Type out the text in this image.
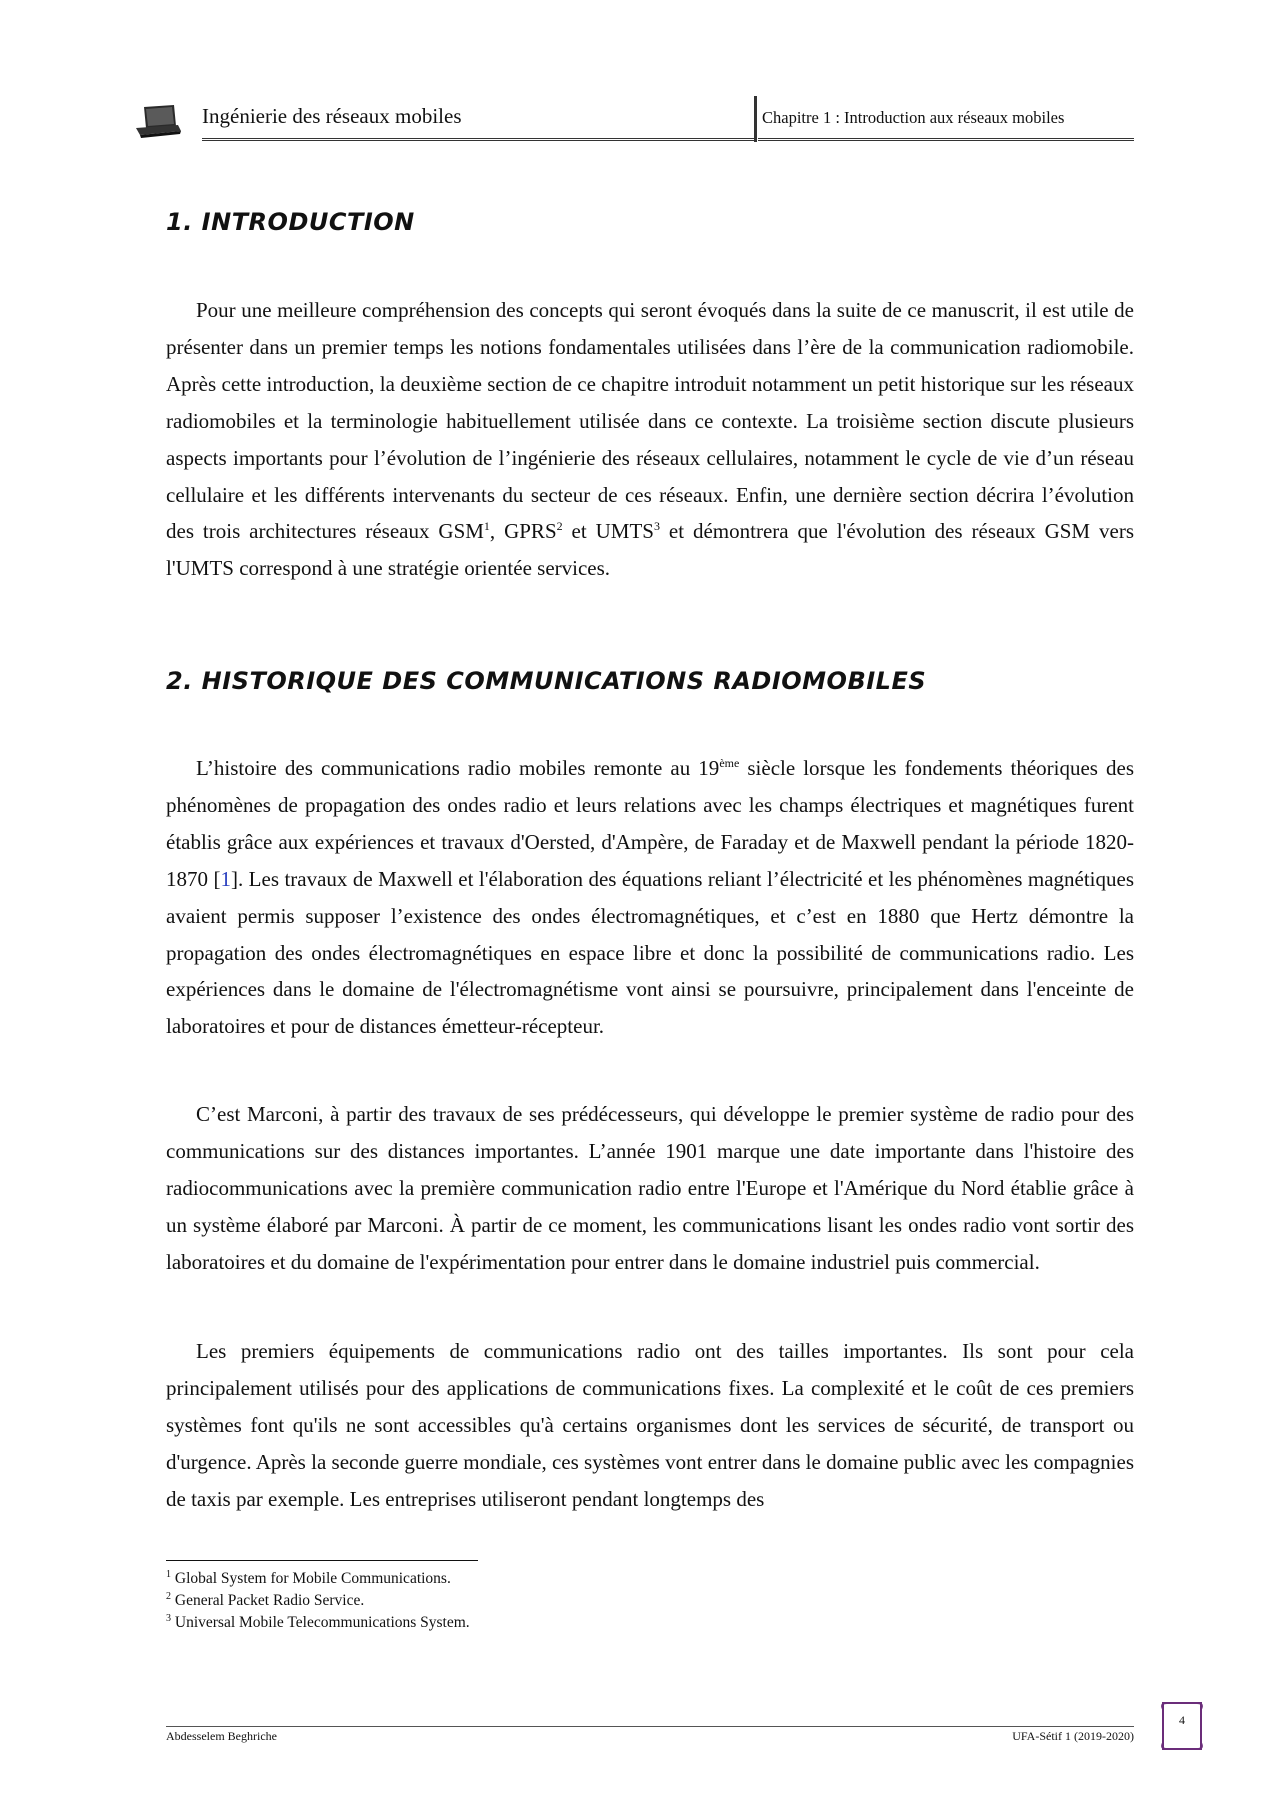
Ingénierie des réseaux mobiles	Chapitre 1 : Introduction aux réseaux mobiles
1. INTRODUCTION

Pour une meilleure compréhension des concepts qui seront évoqués dans la suite de ce manuscrit, il est utile de présenter dans un premier temps les notions fondamentales utilisées dans l’ère de la communication radiomobile. Après cette introduction, la deuxième section de ce chapitre introduit notamment un petit historique sur les réseaux radiomobiles et la terminologie habituellement utilisée dans ce contexte. La troisième section discute plusieurs aspects importants pour l’évolution de l’ingénierie des réseaux cellulaires, notamment le cycle de vie d’un réseau cellulaire et les différents intervenants du secteur de ces réseaux. Enfin, une dernière section décrira l’évolution des trois architectures réseaux GSM$^1$, GPRS$^2$ et UMTS$^3$ et démontrera que l'évolution des réseaux GSM vers l'UMTS correspond à une stratégie orientée services.

2. HISTORIQUE DES COMMUNICATIONS RADIOMOBILES

L’histoire des communications radio mobiles remonte au 19ème siècle lorsque les fondements théoriques des phénomènes de propagation des ondes radio et leurs relations avec les champs électriques et magnétiques furent établis grâce aux expériences et travaux d'Oersted, d'Ampère, de Faraday et de Maxwell pendant la période 1820-1870 [1]. Les travaux de Maxwell et l'élaboration des équations reliant l’électricité et les phénomènes magnétiques avaient permis supposer l’existence des ondes électromagnétiques, et c’est en 1880 que Hertz démontre la propagation des ondes électromagnétiques en espace libre et donc la possibilité de communications radio. Les expériences dans le domaine de l'électromagnétisme vont ainsi se poursuivre, principalement dans l'enceinte de laboratoires et pour de distances émetteur-récepteur.

C’est Marconi, à partir des travaux de ses prédécesseurs, qui développe le premier système de radio pour des communications sur des distances importantes. L’année 1901 marque une date importante dans l'histoire des radiocommunications avec la première communication radio entre l'Europe et l'Amérique du Nord établie grâce à un système élaboré par Marconi. À partir de ce moment, les communications lisant les ondes radio vont sortir des laboratoires et du domaine de l'expérimentation pour entrer dans le domaine industriel puis commercial.

Les premiers équipements de communications radio ont des tailles importantes. Ils sont pour cela principalement utilisés pour des applications de communications fixes. La complexité et le coût de ces premiers systèmes font qu'ils ne sont accessibles qu'à certains organismes dont les services de sécurité, de transport ou d'urgence. Après la seconde guerre mondiale, ces systèmes vont entrer dans le domaine public avec les compagnies de taxis par exemple. Les entreprises utiliseront pendant longtemps des

$^1$ Global System for Mobile Communications.
$^2$ General Packet Radio Service.
$^3$ Universal Mobile Telecommunications System.
Abdesselem Beghriche	UFA-Sétif 1 (2019-2020)
4
